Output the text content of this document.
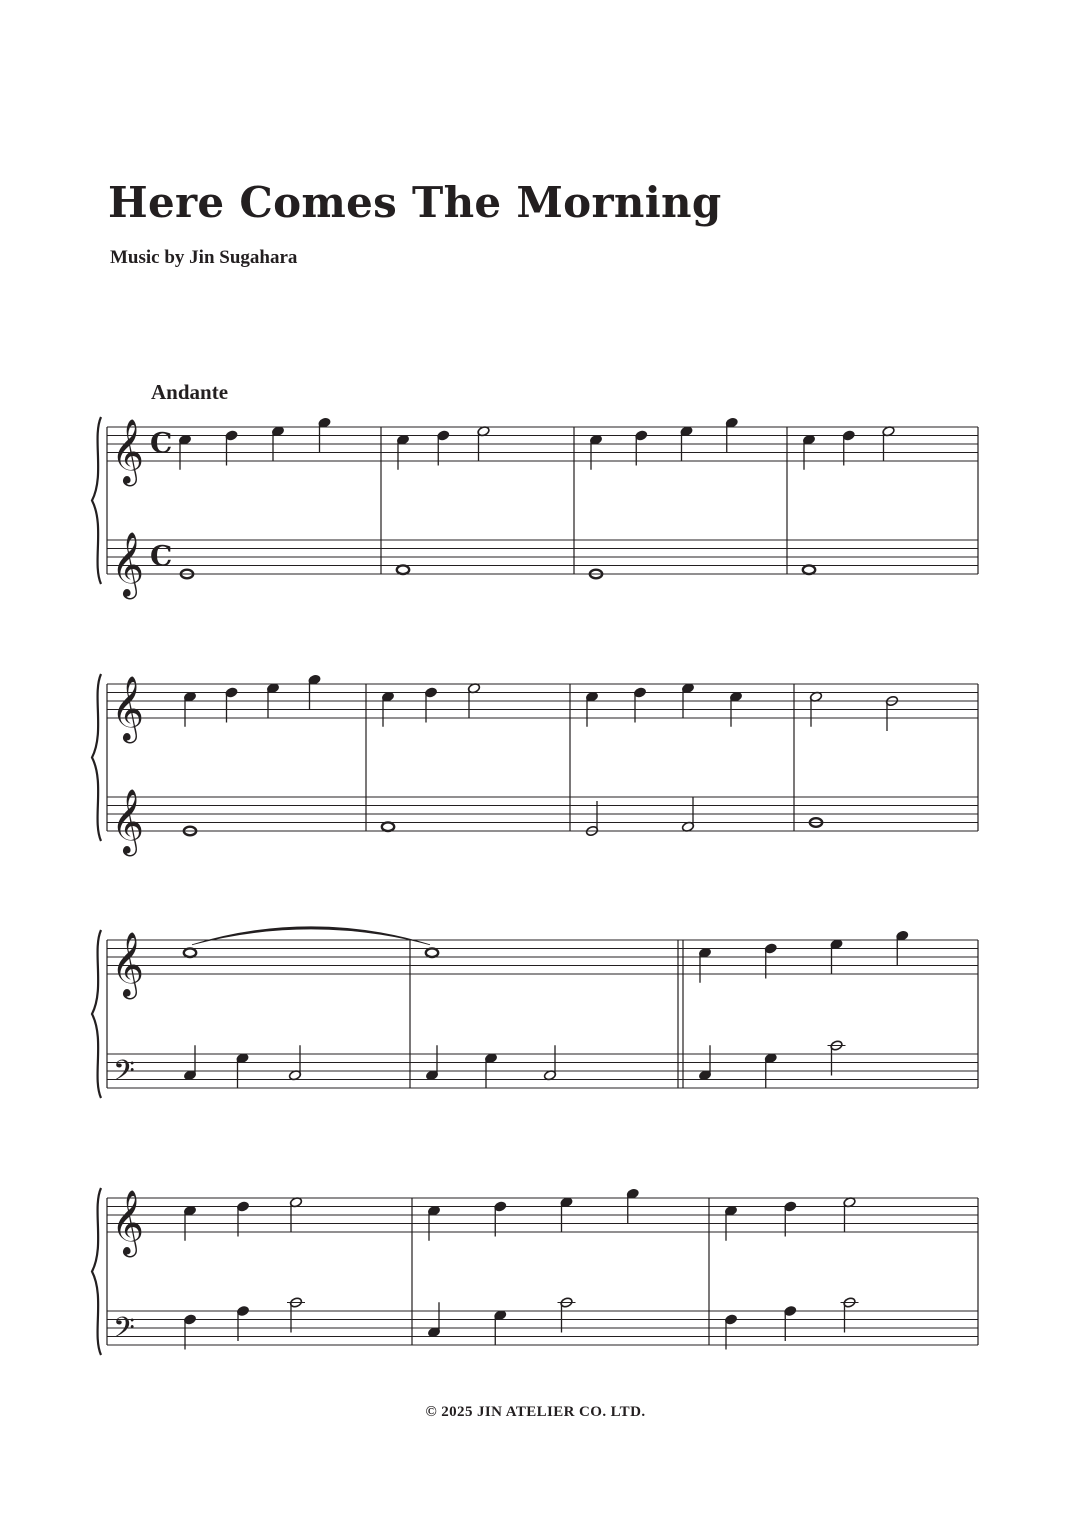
Here Comes The Morning
Music by Jin Sugahara
Andante
𝄞
𝄞
C
C
𝄞
𝄞
𝄞
𝄢
𝄞
𝄢
© 2025 JIN ATELIER CO. LTD.
